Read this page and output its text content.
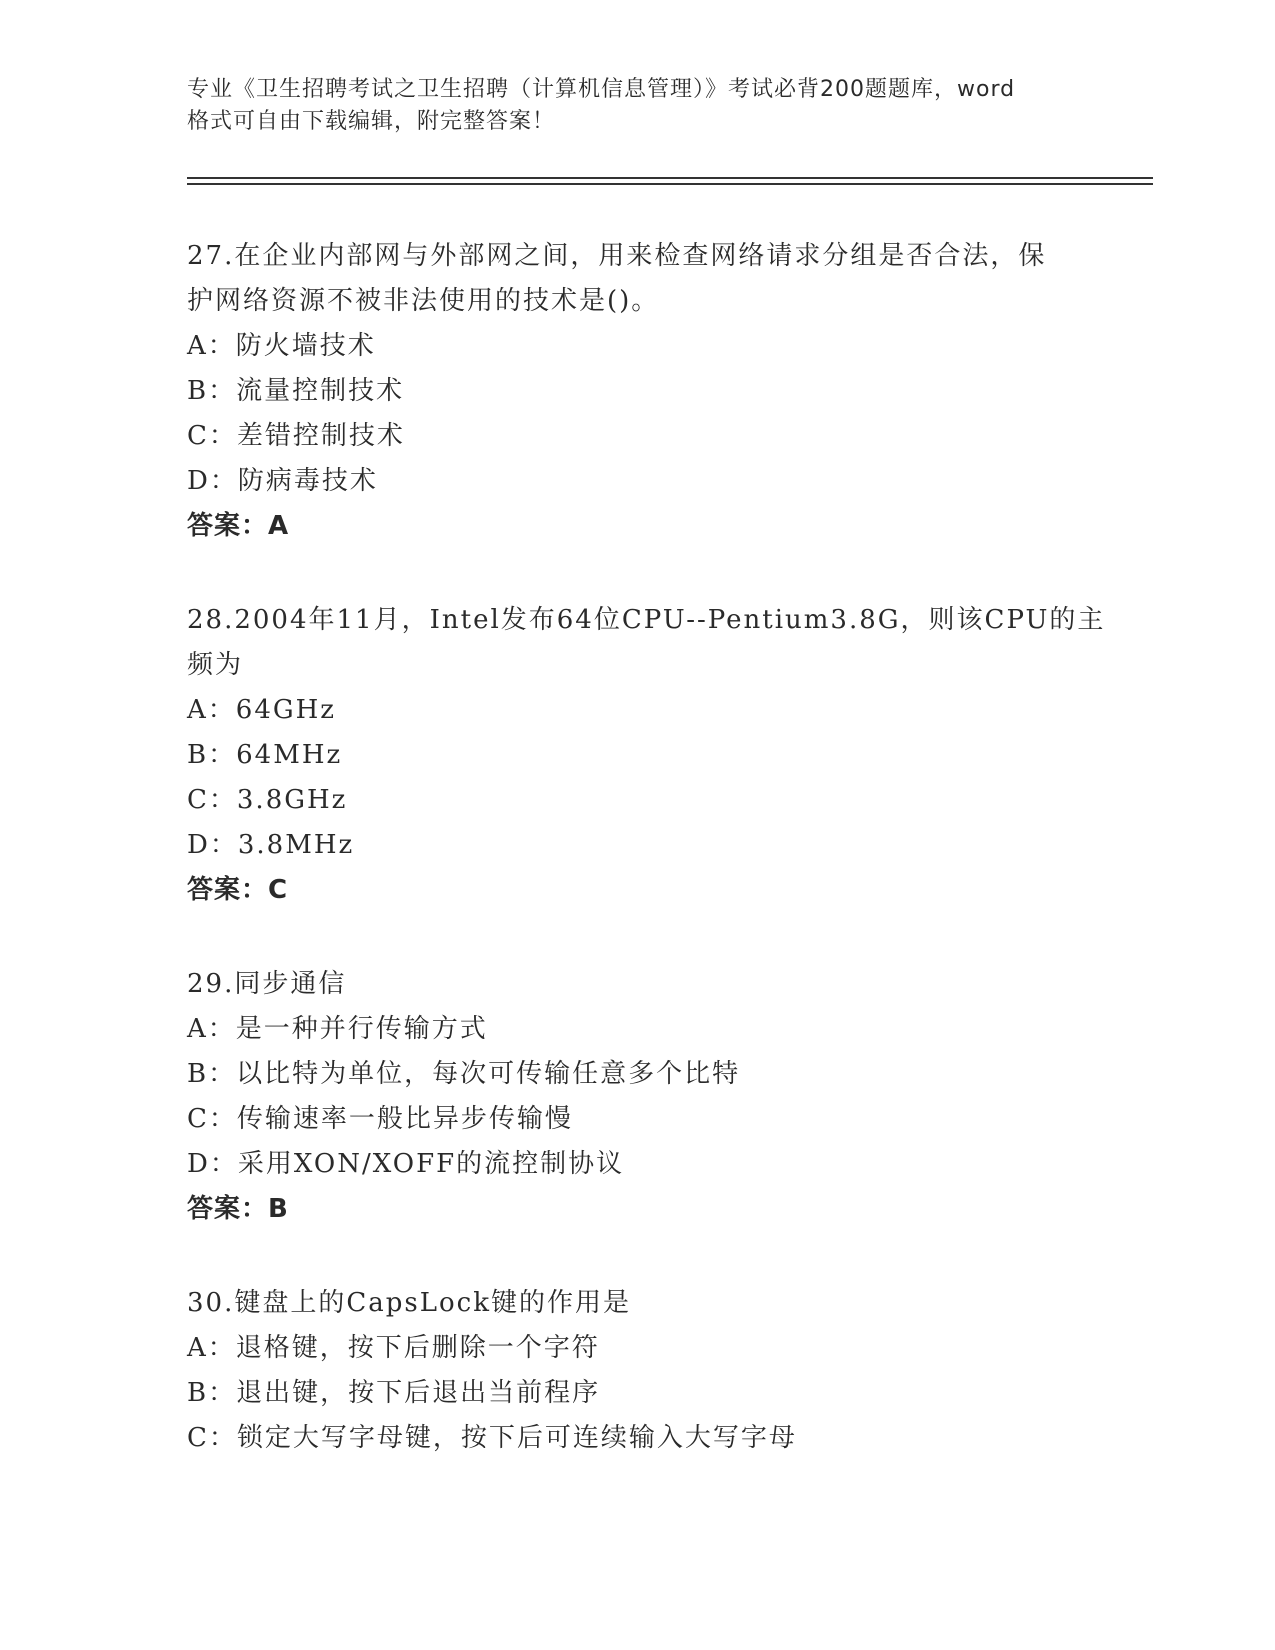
专业《卫生招聘考试之卫生招聘（计算机信息管理）》考试必背200题题库，word
格式可自由下载编辑，附完整答案！
27.在企业内部网与外部网之间，用来检查网络请求分组是否合法，保
护网络资源不被非法使用的技术是()。
A：防火墙技术
B：流量控制技术
C：差错控制技术
D：防病毒技术
答案：A
28.2004年11月，Intel发布64位CPU--Pentium3.8G，则该CPU的主
频为
A：64GHz
B：64MHz
C：3.8GHz
D：3.8MHz
答案：C
29.同步通信
A：是一种并行传输方式
B：以比特为单位，每次可传输任意多个比特
C：传输速率一般比异步传输慢
D：采用XON/XOFF的流控制协议
答案：B
30.键盘上的CapsLock键的作用是
A：退格键，按下后删除一个字符
B：退出键，按下后退出当前程序
C：锁定大写字母键，按下后可连续输入大写字母
